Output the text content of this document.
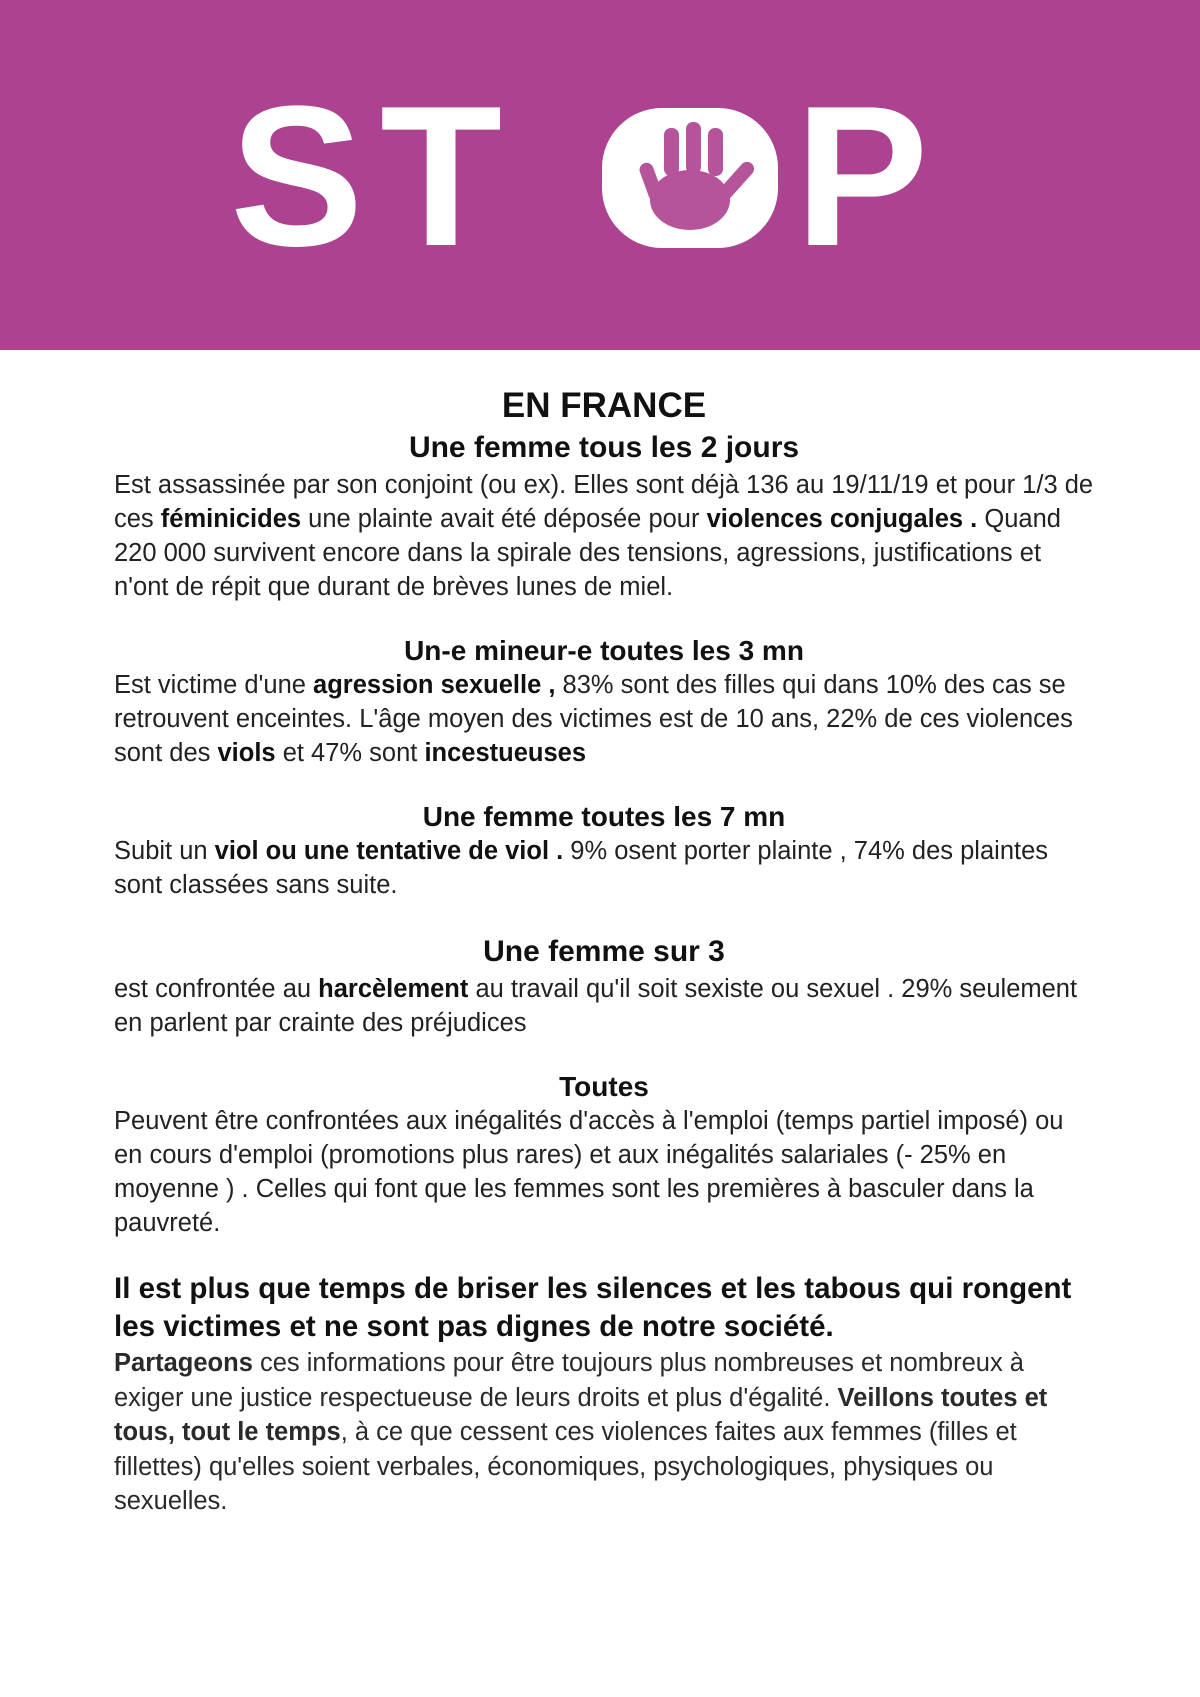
S T P
EN FRANCE
Une femme tous les 2 jours

Est assassinée par son conjoint (ou ex). Elles sont déjà 136 au 19/11/19 et pour 1/3 de ces féminicides une plainte avait été déposée pour violences conjugales . Quand 220 000 survivent encore dans la spirale des tensions, agressions, justifications et n'ont de répit que durant de brèves lunes de miel.

Un-e mineur-e toutes les 3 mn

Est victime d'une agression sexuelle , 83% sont des filles qui dans 10% des cas se retrouvent enceintes. L'âge moyen des victimes est de 10 ans, 22% de ces violences sont des viols et 47% sont incestueuses

Une femme toutes les 7 mn

Subit un viol ou une tentative de viol . 9% osent porter plainte , 74% des plaintes sont classées sans suite.

Une femme sur 3

est confrontée au harcèlement au travail qu'il soit sexiste ou sexuel . 29% seulement en parlent par crainte des préjudices

Toutes

Peuvent être confrontées aux inégalités d'accès à l'emploi (temps partiel imposé) ou en cours d'emploi (promotions plus rares) et aux inégalités salariales (- 25% en moyenne ) . Celles qui font que les femmes sont les premières à basculer dans la pauvreté.

Il est plus que temps de briser les silences et les tabous qui rongent les victimes et ne sont pas dignes de notre société.

Partageons ces informations pour être toujours plus nombreuses et nombreux à exiger une justice respectueuse de leurs droits et plus d'égalité. Veillons toutes et tous, tout le temps, à ce que cessent ces violences faites aux femmes (filles et fillettes) qu'elles soient verbales, économiques, psychologiques, physiques ou sexuelles.
